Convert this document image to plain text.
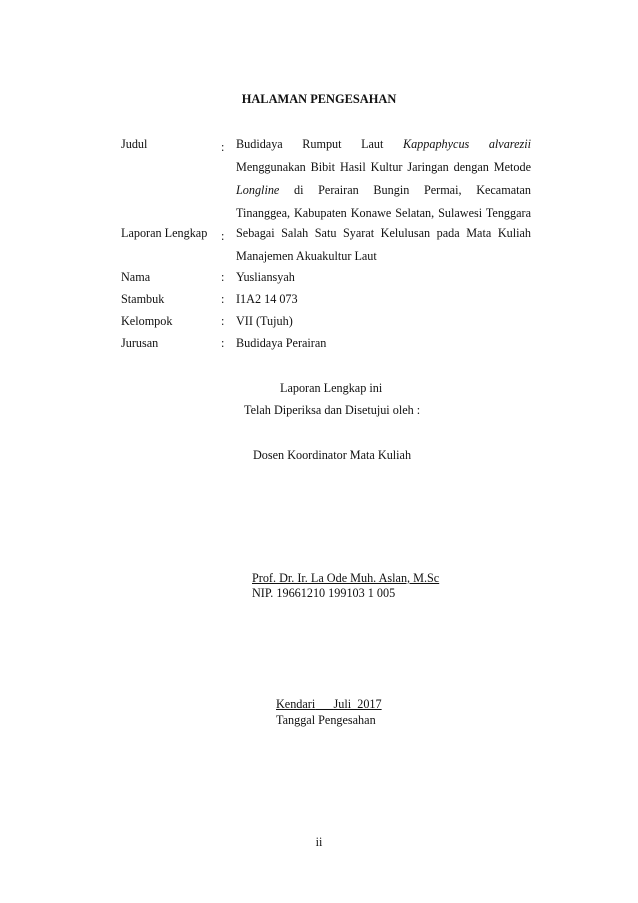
HALAMAN PENGESAHAN
Judul	: Budidaya Rumput Laut Kappaphycus alvarezii
Menggunakan Bibit Hasil Kultur Jaringan dengan Metode
Longline di Perairan Bungin Permai, Kecamatan
Tinanggea, Kabupaten Konawe Selatan, Sulawesi Tenggara
Laporan Lengkap : Sebagai Salah Satu Syarat Kelulusan pada Mata Kuliah
Manajemen Akuakultur Laut
Nama	: Yusliansyah
Stambuk	: I1A2 14 073
Kelompok	: VII (Tujuh)
Jurusan	: Budidaya Perairan
Laporan Lengkap ini
Telah Diperiksa dan Disetujui oleh :
Dosen Koordinator Mata Kuliah
Prof. Dr. Ir. La Ode Muh. Aslan, M.Sc
NIP. 19661210 199103 1 005
Kendari Juli  2017
Tanggal Pengesahan
ii
